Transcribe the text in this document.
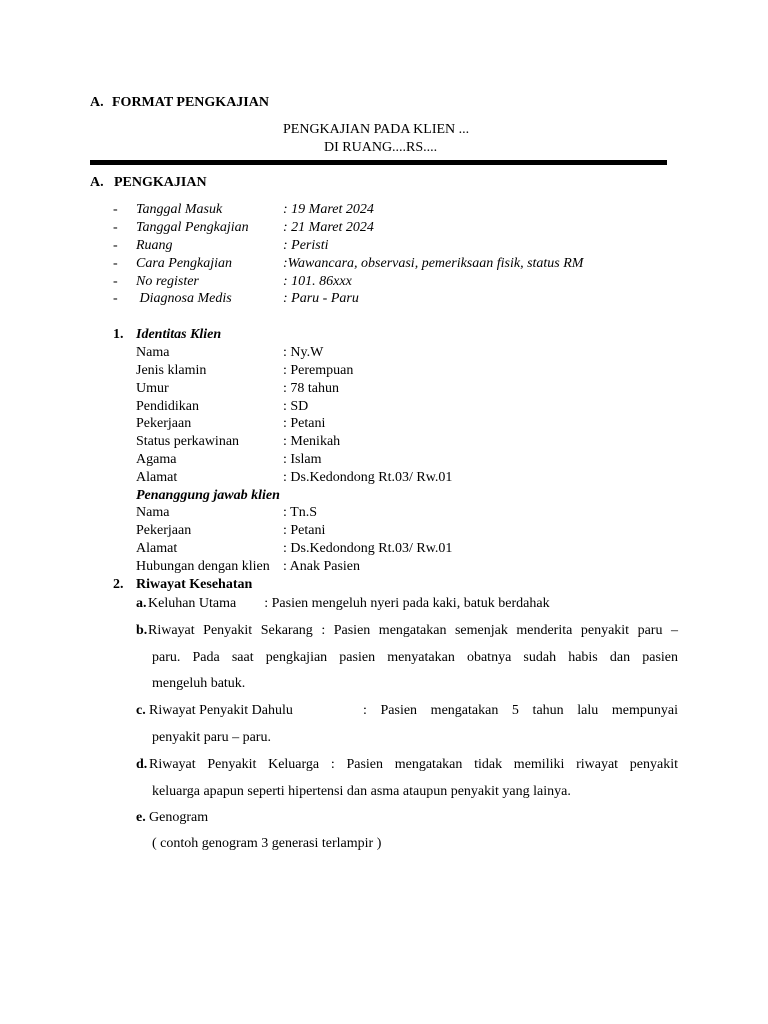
A. FORMAT PENGKAJIAN
PENGKAJIAN PADA KLIEN ...
DI RUANG....RS....
A. PENGKAJIAN
- Tanggal Masuk	: 19 Maret 2024
- Tanggal Pengkajian : 21 Maret 2024
- Ruang	: Peristi
- Cara Pengkajian	:Wawancara, observasi, pemeriksaan fisik, status RM
- No register	: 101. 86xxx
- Diagnosa Medis	: Paru - Paru
1. Identitas Klien
Nama	: Ny.W
Jenis klamin	: Perempuan
Umur	: 78 tahun
Pendidikan	: SD
Pekerjaan	: Petani
Status perkawinan	: Menikah
Agama	: Islam
Alamat	: Ds.Kedondong Rt.03/ Rw.01
Penanggung jawab klien
Nama	: Tn.S
Pekerjaan	: Petani
Alamat	: Ds.Kedondong Rt.03/ Rw.01
Hubungan dengan klien : Anak Pasien
2. Riwayat Kesehatan
a. Keluhan Utama        : Pasien mengeluh nyeri pada kaki, batuk berdahak
b. Riwayat Penyakit Sekarang : Pasien mengatakan semenjak menderita penyakit paru –
paru. Pada saat pengkajian pasien menyatakan obatnya sudah habis dan pasien
mengeluh batuk.
c. Riwayat Penyakit Dahulu	: Pasien mengatakan 5 tahun lalu mempunyai
penyakit paru – paru.
d. Riwayat Penyakit Keluarga : Pasien mengatakan tidak memiliki riwayat penyakit
keluarga apapun seperti hipertensi dan asma ataupun penyakit yang lainya.
e. Genogram
( contoh genogram 3 generasi terlampir )
